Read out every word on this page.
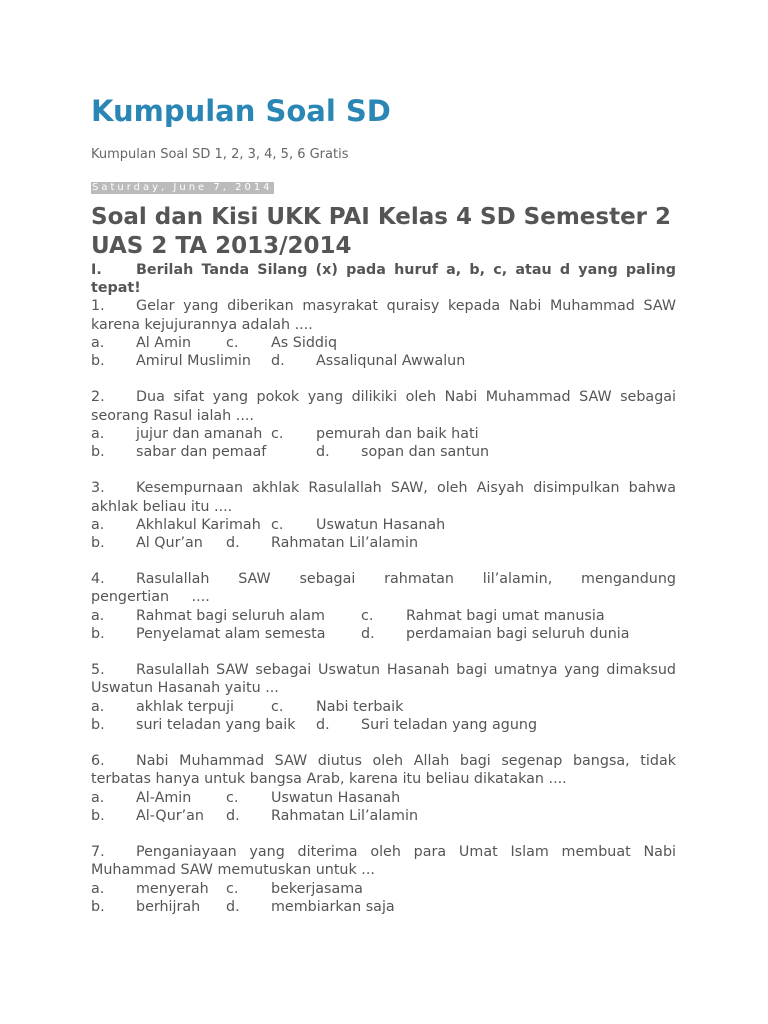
Kumpulan Soal SD
Kumpulan Soal SD 1, 2, 3, 4, 5, 6 Gratis
Saturday, June 7, 2014
Soal dan Kisi UKK PAI Kelas 4 SD Semester 2 UAS 2 TA 2013/2014
I. Berilah Tanda Silang (x) pada huruf a, b, c, atau d yang paling
tepat!
1.	Gelar yang diberikan masyrakat quraisy kepada Nabi Muhammad SAW karena kejujurannya adalah ....
a. Al Amin c. As Siddiq
b. Amirul Muslimin d. Assaliqunal Awwalun
2.	Dua sifat yang pokok yang dilikiki oleh Nabi Muhammad SAW sebagai seorang Rasul ialah ....
a. jujur dan amanah c. pemurah dan baik hati
b. sabar dan pemaaf	d. sopan dan santun
3.	Kesempurnaan akhlak Rasulallah SAW, oleh Aisyah disimpulkan bahwa akhlak beliau itu ....
a. Akhlakul Karimah c. Uswatun Hasanah
b. Al Qur’an d. Rahmatan Lil’alamin
4.	Rasulallah SAW sebagai rahmatan lil’alamin, mengandung pengertian ....
a. Rahmat bagi seluruh alam	c. Rahmat bagi umat manusia
b. Penyelamat alam semesta d. perdamaian bagi seluruh dunia
5.	Rasulallah SAW sebagai Uswatun Hasanah bagi umatnya yang dimaksud Uswatun Hasanah yaitu ...
a. akhlak terpuji	c. Nabi terbaik
b. suri teladan yang baik d. Suri teladan yang agung
6.	Nabi Muhammad SAW diutus oleh Allah bagi segenap bangsa, tidak terbatas hanya untuk bangsa Arab, karena itu beliau dikatakan ....
a. Al-Amin c. Uswatun Hasanah
b. Al-Qur’an d. Rahmatan Lil’alamin
7.	Penganiayaan yang diterima oleh para Umat Islam membuat Nabi Muhammad SAW memutuskan untuk ...
a. menyerah c. bekerjasama
b. berhijrah d. membiarkan saja
